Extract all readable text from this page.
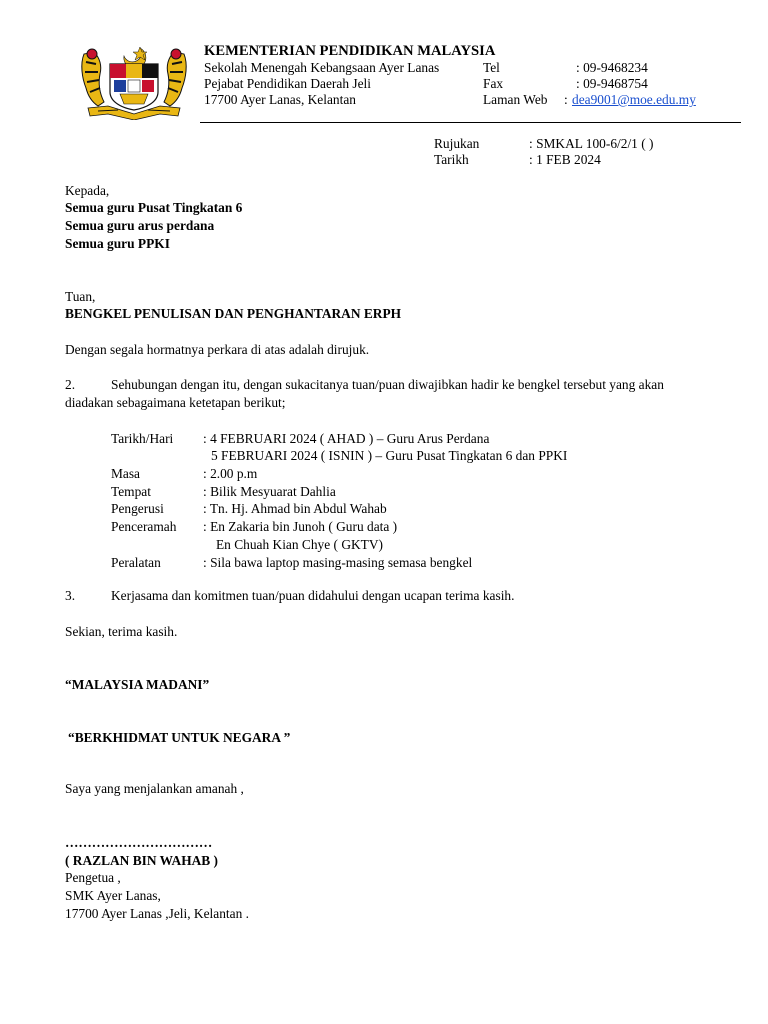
KEMENTERIAN PENDIDIKAN MALAYSIA
Sekolah Menengah Kebangsaan Ayer Lanas
Pejabat Pendidikan Daerah Jeli
17700 Ayer Lanas, Kelantan
Tel	: 09-9468234
Fax	: 09-9468754
Laman Web : dea9001@moe.edu.my
Rujukan	: SMKAL 100-6/2/1 ( )
Tarikh	: 1 FEB 2024
Kepada,
Semua guru Pusat Tingkatan 6
Semua guru arus perdana
Semua guru PPKI
Tuan,
BENGKEL PENULISAN DAN PENGHANTARAN ERPH
Dengan segala hormatnya perkara di atas adalah dirujuk.
2.	Sehubungan dengan itu, dengan sukacitanya tuan/puan diwajibkan hadir ke bengkel tersebut yang akan
diadakan sebagaimana ketetapan berikut;
Tarikh/Hari : 4 FEBRUARI 2024 ( AHAD ) – Guru Arus Perdana
5 FEBRUARI 2024 ( ISNIN ) – Guru Pusat Tingkatan 6 dan PPKI
Masa	: 2.00 p.m
Tempat	: Bilik Mesyuarat Dahlia
Pengerusi	: Tn. Hj. Ahmad bin Abdul Wahab
Penceramah : En Zakaria bin Junoh ( Guru data )
En Chuah Kian Chye ( GKTV)
Peralatan	: Sila bawa laptop masing-masing semasa bengkel
3.	Kerjasama dan komitmen tuan/puan didahului dengan ucapan terima kasih.
Sekian, terima kasih.
“MALAYSIA MADANI”
“BERKHIDMAT UNTUK NEGARA ”
Saya yang menjalankan amanah ,
……………………………
( RAZLAN BIN WAHAB )
Pengetua ,
SMK Ayer Lanas,
17700 Ayer Lanas ,Jeli, Kelantan .
